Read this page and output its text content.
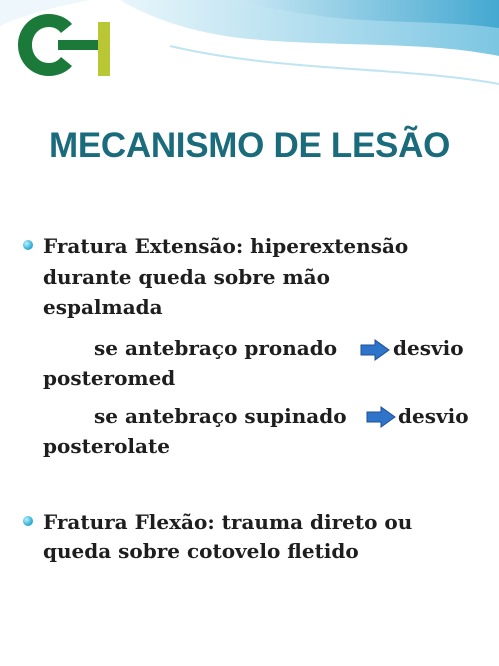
MECANISMO DE LESÃO
Fratura Extensão: hiperextensão
durante queda sobre mão
espalmada
se antebraço pronado	desvio
posteromed
se antebraço supinado	desvio
posterolate
Fratura Flexão: trauma direto ou
queda sobre cotovelo fletido
